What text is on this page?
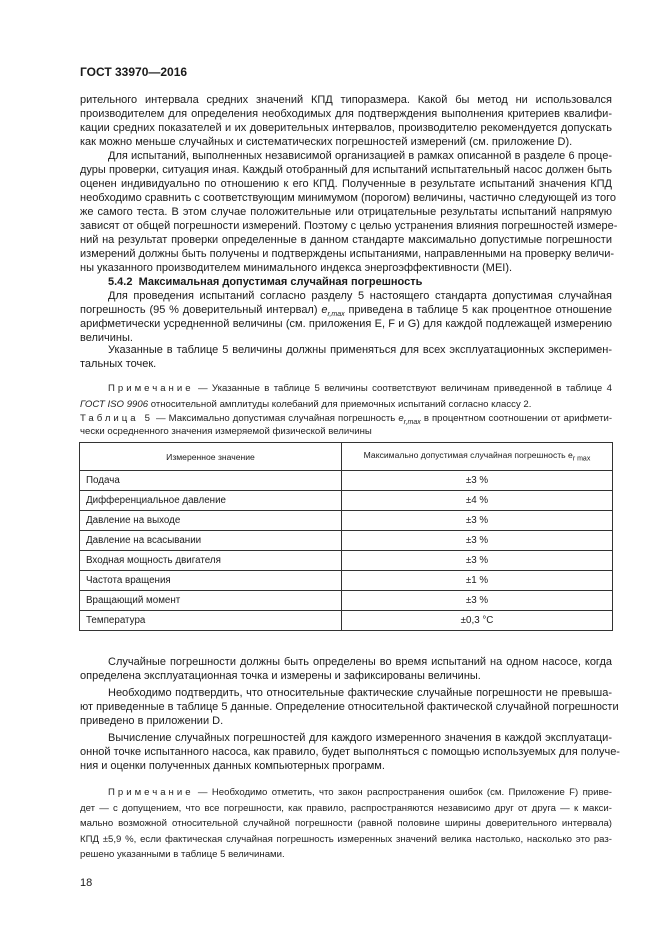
ГОСТ 33970—2016
рительного интервала средних значений КПД типоразмера. Какой бы метод ни использовался
производителем для определения необходимых для подтверждения выполнения критериев квалифи-
кации средних показателей и их доверительных интервалов, производителю рекомендуется допускать
как можно меньше случайных и систематических погрешностей измерений (см. приложение D).
Для испытаний, выполненных независимой организацией в рамках описанной в разделе 6 проце-
дуры проверки, ситуация иная. Каждый отобранный для испытаний испытательный насос должен быть
оценен индивидуально по отношению к его КПД. Полученные в результате испытаний значения КПД
необходимо сравнить с соответствующим минимумом (порогом) величины, частично следующей из того
же самого теста. В этом случае положительные или отрицательные результаты испытаний напрямую
зависят от общей погрешности измерений. Поэтому с целью устранения влияния погрешностей измере-
ний на результат проверки определенные в данном стандарте максимально допустимые погрешности
измерений должны быть получены и подтверждены испытаниями, направленными на проверку величи-
ны указанного производителем минимального индекса энергоэффективности (MEI).
5.4.2 Максимальная допустимая случайная погрешность
Для проведения испытаний согласно разделу 5 настоящего стандарта допустимая случайная
погрешность (95 % доверительный интервал) $e_{r,max}$ приведена в таблице 5 как процентное отношение
арифметически усредненной величины (см. приложения E, F и G) для каждой подлежащей измерению
величины.
Указанные в таблице 5 величины должны применяться для всех эксплуатационных эксперимен-
тальных точек.
Примечание — Указанные в таблице 5 величины соответствуют величинам приведенной в таблице 4
ГОСТ ISO 9906 относительной амплитуды колебаний для приемочных испытаний согласно классу 2.
Таблица 5 — Максимально допустимая случайная погрешность $e_{r,max}$ в процентном соотношении от арифмети-
чески осредненного значения измеряемой физической величины
Измеренное значение	Максимально допустимая случайная погрешность $e_{r max}$
Подача	±3 %
Дифференциальное давление	±4 %
Давление на выходе	±3 %
Давление на всасывании	±3 %
Входная мощность двигателя	±3 %
Частота вращения	±1 %
Вращающий момент	±3 %
Температура	±0,3 °C
Случайные погрешности должны быть определены во время испытаний на одном насосе, когда
определена эксплуатационная точка и измерены и зафиксированы величины.
Необходимо подтвердить, что относительные фактические случайные погрешности не превыша-
ют приведенные в таблице 5 данные. Определение относительной фактической случайной погрешности
приведено в приложении D.
Вычисление случайных погрешностей для каждого измеренного значения в каждой эксплуатаци-
онной точке испытанного насоса, как правило, будет выполняться с помощью используемых для получе-
ния и оценки полученных данных компьютерных программ.
Примечание — Необходимо отметить, что закон распространения ошибок (см. Приложение F) приве-
дет — с допущением, что все погрешности, как правило, распространяются независимо друг от друга — к макси-
мально возможной относительной случайной погрешности (равной половине ширины доверительного интервала)
КПД ±5,9 %, если фактическая случайная погрешность измеренных значений велика настолько, насколько это раз-
решено указанными в таблице 5 величинами.
18
